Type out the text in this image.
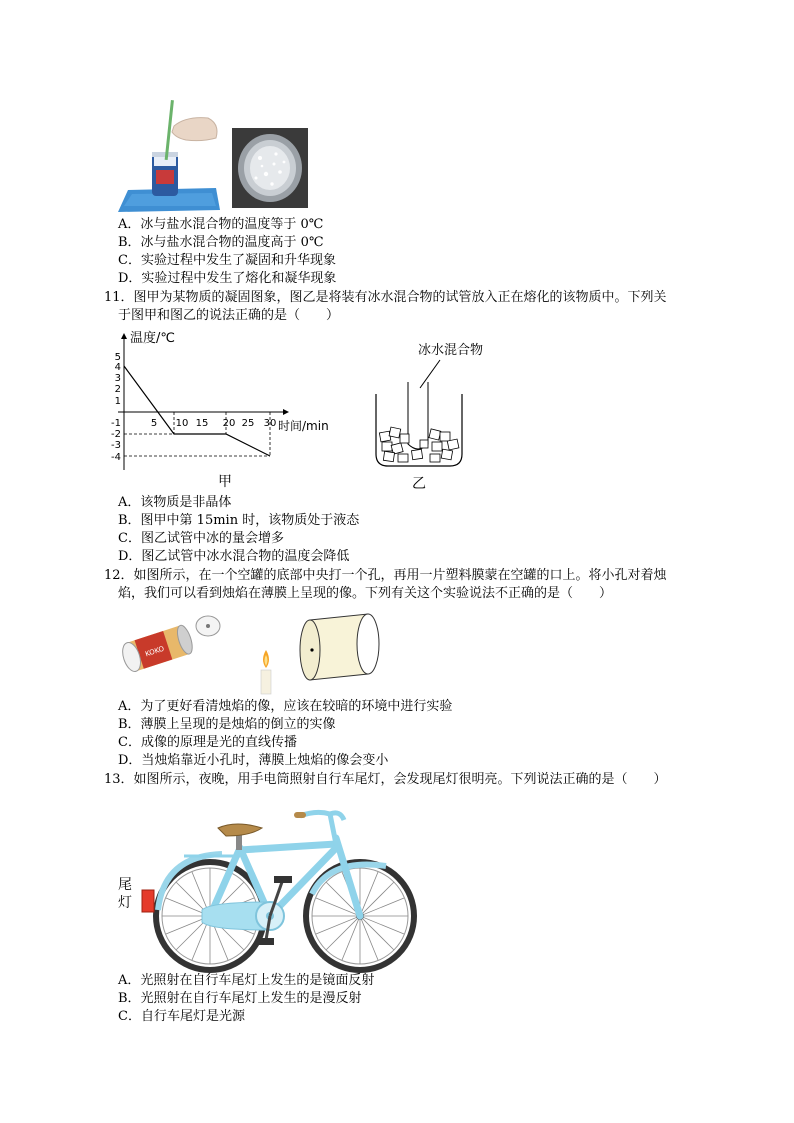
A．冰与盐水混合物的温度等于 0℃
B．冰与盐水混合物的温度高于 0℃
C．实验过程中发生了凝固和升华现象
D．实验过程中发生了熔化和凝华现象
11．图甲为某物质的凝固图象，图乙是将装有冰水混合物的试管放入正在熔化的该物质中。下列关
于图甲和图乙的说法正确的是（　　）
温度/℃
时间/min
5
4
3
2
1
-1
-2
-3
-4
5 10 15 20 25 30
甲
冰水混合物
乙
A．该物质是非晶体
B．图甲中第 15min 时，该物质处于液态
C．图乙试管中冰的量会增多
D．图乙试管中冰水混合物的温度会降低
12．如图所示，在一个空罐的底部中央打一个孔，再用一片塑料膜蒙在空罐的口上。将小孔对着烛
焰，我们可以看到烛焰在薄膜上呈现的像。下列有关这个实验说法不正确的是（　　）
KOKO
A．为了更好看清烛焰的像，应该在较暗的环境中进行实验
B．薄膜上呈现的是烛焰的倒立的实像
C．成像的原理是光的直线传播
D．当烛焰靠近小孔时，薄膜上烛焰的像会变小
13．如图所示，夜晚，用手电筒照射自行车尾灯，会发现尾灯很明亮。下列说法正确的是（　　）
尾
灯
A．光照射在自行车尾灯上发生的是镜面反射
B．光照射在自行车尾灯上发生的是漫反射
C．自行车尾灯是光源
